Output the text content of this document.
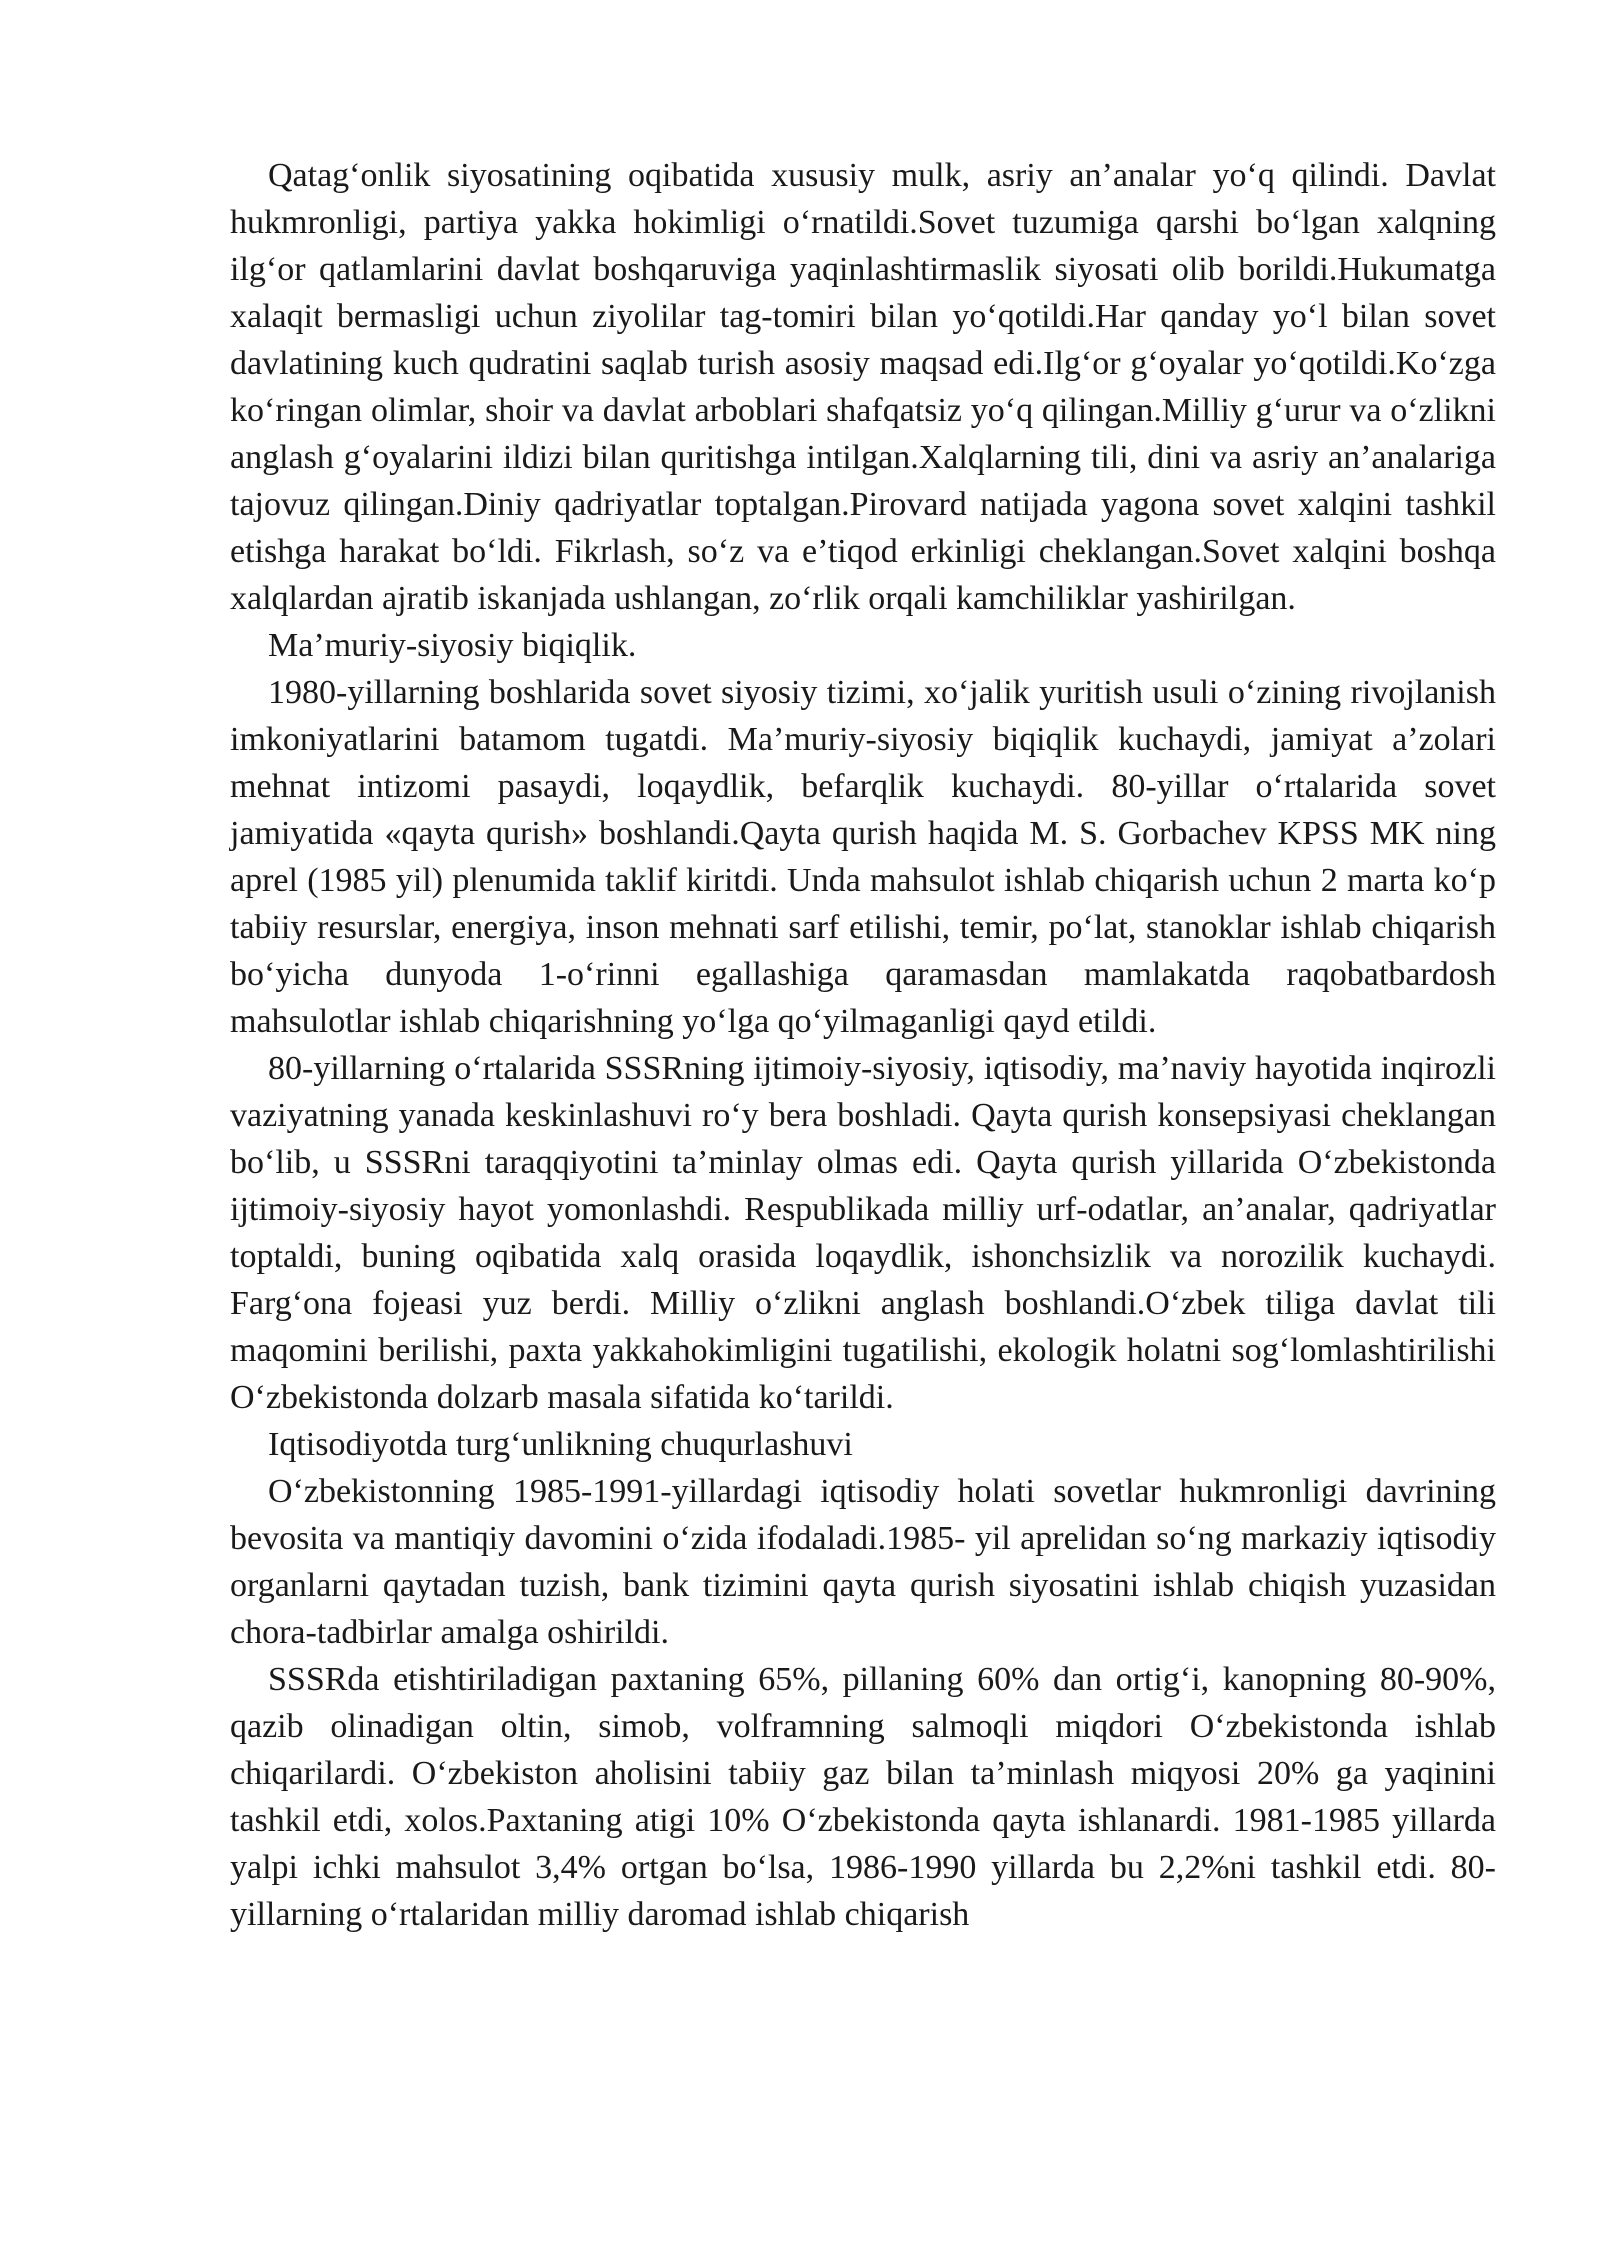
Qatag‘onlik siyosatining oqibatida xususiy mulk, asriy an’analar yo‘q qilindi. Davlat hukmronligi, partiya yakka hokimligi o‘rnatildi.Sovet tuzumiga qarshi bo‘lgan xalqning ilg‘or qatlamlarini davlat boshqaruviga yaqinlashtirmaslik siyosati olib borildi.Hukumatga xalaqit bermasligi uchun ziyolilar tag-tomiri bilan yo‘qotildi.Har qanday yo‘l bilan sovet davlatining kuch qudratini saqlab turish asosiy maqsad edi.Ilg‘or g‘oyalar yo‘qotildi.Ko‘zga ko‘ringan olimlar, shoir va davlat arboblari shafqatsiz yo‘q qilingan.Milliy g‘urur va o‘zlikni anglash g‘oyalarini ildizi bilan quritishga intilgan.Xalqlarning tili, dini va asriy an’analariga tajovuz qilingan.Diniy qadriyatlar toptalgan.Pirovard natijada yagona sovet xalqini tashkil etishga harakat bo‘ldi. Fikrlash, so‘z va e’tiqod erkinligi cheklangan.Sovet xalqini boshqa xalqlardan ajratib iskanjada ushlangan, zo‘rlik orqali kamchiliklar yashirilgan.

Ma’muriy-siyosiy biqiqlik.

1980-yillarning boshlarida sovet siyosiy tizimi, xo‘jalik yuritish usuli o‘zining rivojlanish imkoniyatlarini batamom tugatdi. Ma’muriy-siyosiy biqiqlik kuchaydi, jamiyat a’zolari mehnat intizomi pasaydi, loqaydlik, befarqlik kuchaydi. 80-yillar o‘rtalarida sovet jamiyatida «qayta qurish» boshlandi.Qayta qurish haqida M. S. Gorbachev KPSS MK ning aprel (1985 yil) plenumida taklif kiritdi. Unda mahsulot ishlab chiqarish uchun 2 marta ko‘p tabiiy resurslar, energiya, inson mehnati sarf etilishi, temir, po‘lat, stanoklar ishlab chiqarish bo‘yicha dunyoda 1-o‘rinni egallashiga qaramasdan mamlakatda raqobatbardosh mahsulotlar ishlab chiqarishning yo‘lga qo‘yilmaganligi qayd etildi.

80-yillarning o‘rtalarida SSSRning ijtimoiy-siyosiy, iqtisodiy, ma’naviy hayotida inqirozli vaziyatning yanada keskinlashuvi ro‘y bera boshladi. Qayta qurish konsepsiyasi cheklangan bo‘lib, u SSSRni taraqqiyotini ta’minlay olmas edi. Qayta qurish yillarida O‘zbekistonda ijtimoiy-siyosiy hayot yomonlashdi. Respublikada milliy urf-odatlar, an’analar, qadriyatlar toptaldi, buning oqibatida xalq orasida loqaydlik, ishonchsizlik va norozilik kuchaydi. Farg‘ona fojeasi yuz berdi. Milliy o‘zlikni anglash boshlandi.O‘zbek tiliga davlat tili maqomini berilishi, paxta yakkahokimligini tugatilishi, ekologik holatni sog‘lomlashtirilishi O‘zbekistonda dolzarb masala sifatida ko‘tarildi.

Iqtisodiyotda turg‘unlikning chuqurlashuvi

O‘zbekistonning 1985-1991-yillardagi iqtisodiy holati sovetlar hukmronligi davrining bevosita va mantiqiy davomini o‘zida ifodaladi.1985- yil aprelidan so‘ng markaziy iqtisodiy organlarni qaytadan tuzish, bank tizimini qayta qurish siyosatini ishlab chiqish yuzasidan chora-tadbirlar amalga oshirildi.

SSSRda etishtiriladigan paxtaning 65%, pillaning 60% dan ortig‘i, kanopning 80-90%, qazib olinadigan oltin, simob, volframning salmoqli miqdori O‘zbekistonda ishlab chiqarilardi. O‘zbekiston aholisini tabiiy gaz bilan ta’minlash miqyosi 20% ga yaqinini tashkil etdi, xolos.Paxtaning atigi 10% O‘zbekistonda qayta ishlanardi. 1981-1985 yillarda yalpi ichki mahsulot 3,4% ortgan bo‘lsa, 1986-1990 yillarda bu 2,2%ni tashkil etdi. 80-yillarning o‘rtalaridan milliy daromad ishlab chiqarish
